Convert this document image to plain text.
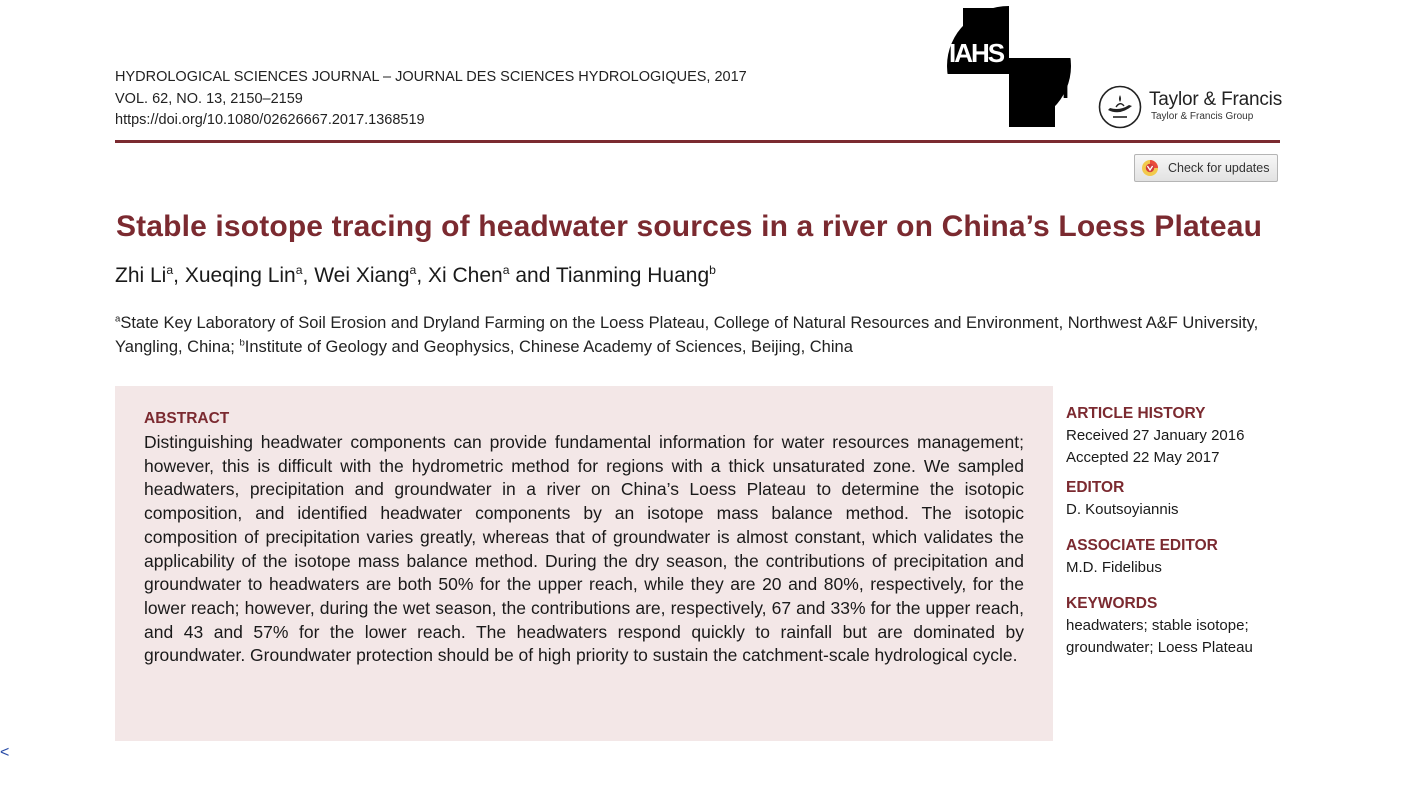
HYDROLOGICAL SCIENCES JOURNAL – JOURNAL DES SCIENCES HYDROLOGIQUES, 2017
VOL. 62, NO. 13, 2150–2159
https://doi.org/10.1080/02626667.2017.1368519
IAHS
AISH	Taylor & Francis
Taylor & Francis Group
Check for updates
Stable isotope tracing of headwater sources in a river on China’s Loess Plateau
Zhi Li$^a$, Xueqing Lin$^a$, Wei Xiang$^a$, Xi Chen$^a$ and Tianming Huang$^b$
$^a$State Key Laboratory of Soil Erosion and Dryland Farming on the Loess Plateau, College of Natural Resources and Environment, Northwest A&F University, Yangling, China; $^b$Institute of Geology and Geophysics, Chinese Academy of Sciences, Beijing, China
ABSTRACT
Distinguishing headwater components can provide fundamental information for water resources management; however, this is difficult with the hydrometric method for regions with a thick unsaturated zone. We sampled headwaters, precipitation and groundwater in a river on China’s Loess Plateau to determine the isotopic composition, and identified headwater components by an isotope mass balance method. The isotopic composition of precipitation varies greatly, whereas that of groundwater is almost constant, which validates the applicability of the isotope mass balance method. During the dry season, the contributions of precipitation and groundwater to headwaters are both 50% for the upper reach, while they are 20 and 80%, respectively, for the lower reach; however, during the wet season, the contributions are, respectively, 67 and 33% for the upper reach, and 43 and 57% for the lower reach. The headwaters respond quickly to rainfall but are dominated by groundwater. Groundwater protection should be of high priority to sustain the catchment-scale hydrological cycle.
ARTICLE HISTORY
Received 27 January 2016
Accepted 22 May 2017
EDITOR
D. Koutsoyiannis
ASSOCIATE EDITOR
M.D. Fidelibus
KEYWORDS
headwaters; stable isotope;
groundwater; Loess Plateau
<
